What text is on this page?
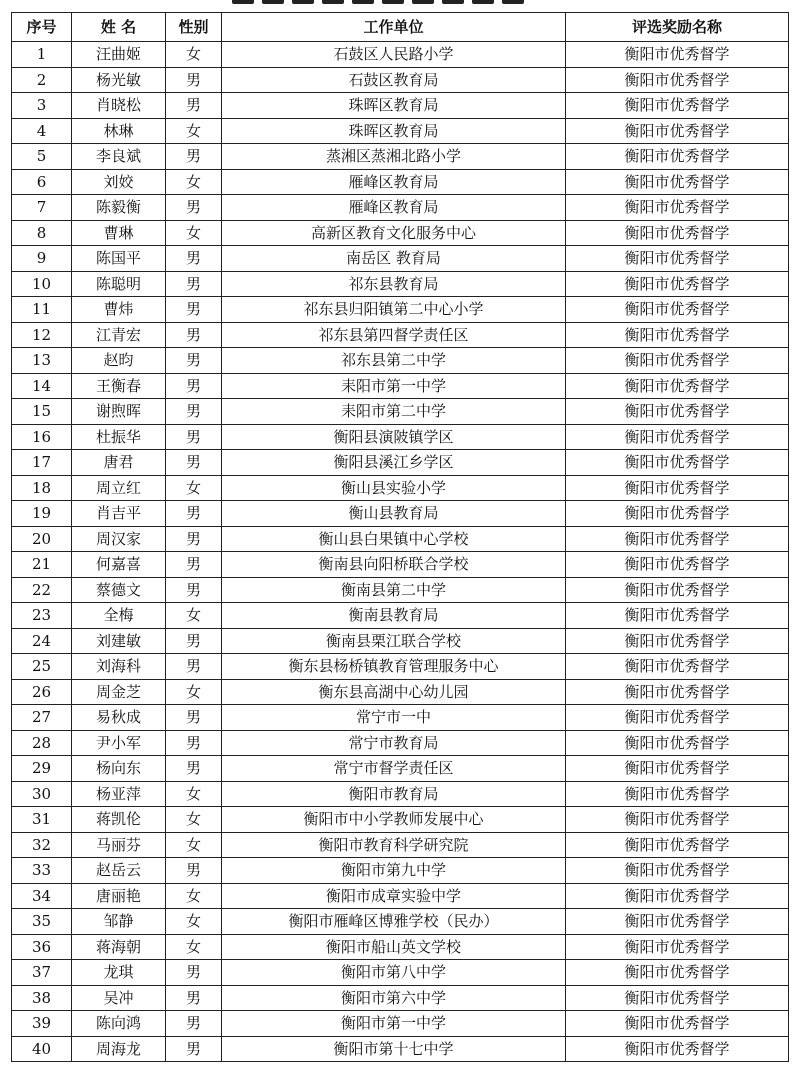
序号	姓 名	性别	工作单位	评选奖励名称
1	汪曲姬	女	石鼓区人民路小学	衡阳市优秀督学
2	杨光敏	男	石鼓区教育局	衡阳市优秀督学
3	肖晓松	男	珠晖区教育局	衡阳市优秀督学
4	林琳	女	珠晖区教育局	衡阳市优秀督学
5	李良斌	男	蒸湘区蒸湘北路小学	衡阳市优秀督学
6	刘姣	女	雁峰区教育局	衡阳市优秀督学
7	陈毅衡	男	雁峰区教育局	衡阳市优秀督学
8	曹琳	女	高新区教育文化服务中心	衡阳市优秀督学
9	陈国平	男	南岳区 教育局	衡阳市优秀督学
10	陈聪明	男	祁东县教育局	衡阳市优秀督学
11	曹炜	男	祁东县归阳镇第二中心小学	衡阳市优秀督学
12	江青宏	男	祁东县第四督学责任区	衡阳市优秀督学
13	赵昀	男	祁东县第二中学	衡阳市优秀督学
14	王衡春	男	耒阳市第一中学	衡阳市优秀督学
15	谢煦晖	男	耒阳市第二中学	衡阳市优秀督学
16	杜振华	男	衡阳县演陂镇学区	衡阳市优秀督学
17	唐君	男	衡阳县溪江乡学区	衡阳市优秀督学
18	周立红	女	衡山县实验小学	衡阳市优秀督学
19	肖吉平	男	衡山县教育局	衡阳市优秀督学
20	周汉家	男	衡山县白果镇中心学校	衡阳市优秀督学
21	何嘉喜	男	衡南县向阳桥联合学校	衡阳市优秀督学
22	蔡德文	男	衡南县第二中学	衡阳市优秀督学
23	全梅	女	衡南县教育局	衡阳市优秀督学
24	刘建敏	男	衡南县栗江联合学校	衡阳市优秀督学
25	刘海科	男	衡东县杨桥镇教育管理服务中心	衡阳市优秀督学
26	周金芝	女	衡东县高湖中心幼儿园	衡阳市优秀督学
27	易秋成	男	常宁市一中	衡阳市优秀督学
28	尹小军	男	常宁市教育局	衡阳市优秀督学
29	杨向东	男	常宁市督学责任区	衡阳市优秀督学
30	杨亚萍	女	衡阳市教育局	衡阳市优秀督学
31	蒋凯伦	女	衡阳市中小学教师发展中心	衡阳市优秀督学
32	马丽芬	女	衡阳市教育科学研究院	衡阳市优秀督学
33	赵岳云	男	衡阳市第九中学	衡阳市优秀督学
34	唐丽艳	女	衡阳市成章实验中学	衡阳市优秀督学
35	邹静	女	衡阳市雁峰区博雅学校（民办）	衡阳市优秀督学
36	蒋海朝	女	衡阳市船山英文学校	衡阳市优秀督学
37	龙琪	男	衡阳市第八中学	衡阳市优秀督学
38	吴冲	男	衡阳市第六中学	衡阳市优秀督学
39	陈向鸿	男	衡阳市第一中学	衡阳市优秀督学
40	周海龙	男	衡阳市第十七中学	衡阳市优秀督学
